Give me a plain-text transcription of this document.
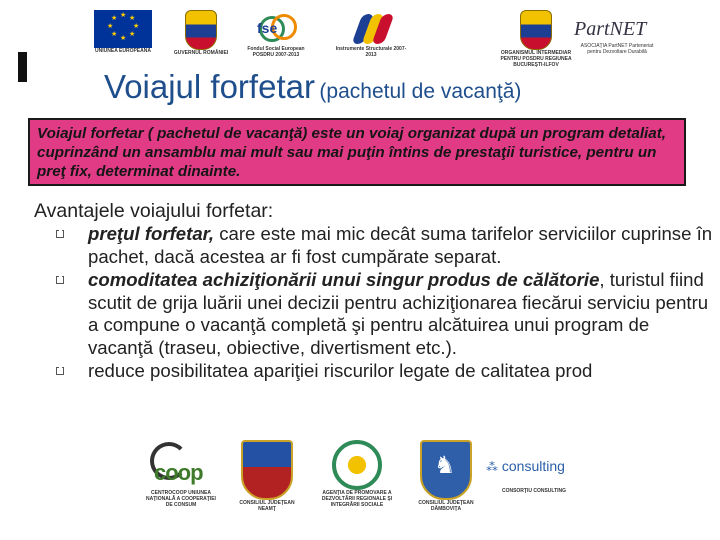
★ ★
★
★
★
★
★
★
UNIUNEA EUROPEANĂ	GUVERNUL ROMÂNIEI
fse
Fondul Social European POSDRU 2007-2013
Instrumente Structurale 2007-2013	ORGANISMUL INTERMEDIAR PENTRU POSDRU REGIUNEA BUCUREŞTI-ILFOV
PartNET
ASOCIAŢIA PartNET Parteneriat pentru Dezvoltare Durabilă
Voiajul forfetar (pachetul de vacanţă)

Voiajul forfetar ( pachetul de vacanţă) este un voiaj organizat după un program detaliat, cuprinzând un ansamblu mai mult sau mai puţin întins de prestaţii turistice, pentru un preţ fix, determinat dinainte.

Avantajele voiajului forfetar:
preţul forfetar, care este mai mic decât suma tarifelor serviciilor cuprinse în pachet, dacă acestea ar fi fost cumpărate separat.
comoditatea achiziţionării unui singur produs de călătorie, turistul fiind scutit de grija luării unei decizii pentru achiziţionarea fiecărui serviciu pentru a compune o vacanţă completă şi pentru alcătuirea unui program de vacanţă (traseu, obiective, divertisment etc.).
reduce posibilitatea apariţiei riscurilor legate de calitatea prod
coop
CENTROCOOP UNIUNEA NAŢIONALĂ A COOPERAŢIEI DE CONSUM	CONSILIUL JUDEŢEAN NEAMŢ
AGENŢIA DE PROMOVARE A DEZVOLTĂRII REGIONALE ŞI INTEGRĂRII SOCIALE
♞
CONSILIUL JUDEŢEAN DÂMBOVIŢA
⁂ consulting
CONSORŢIU CONSULTING
